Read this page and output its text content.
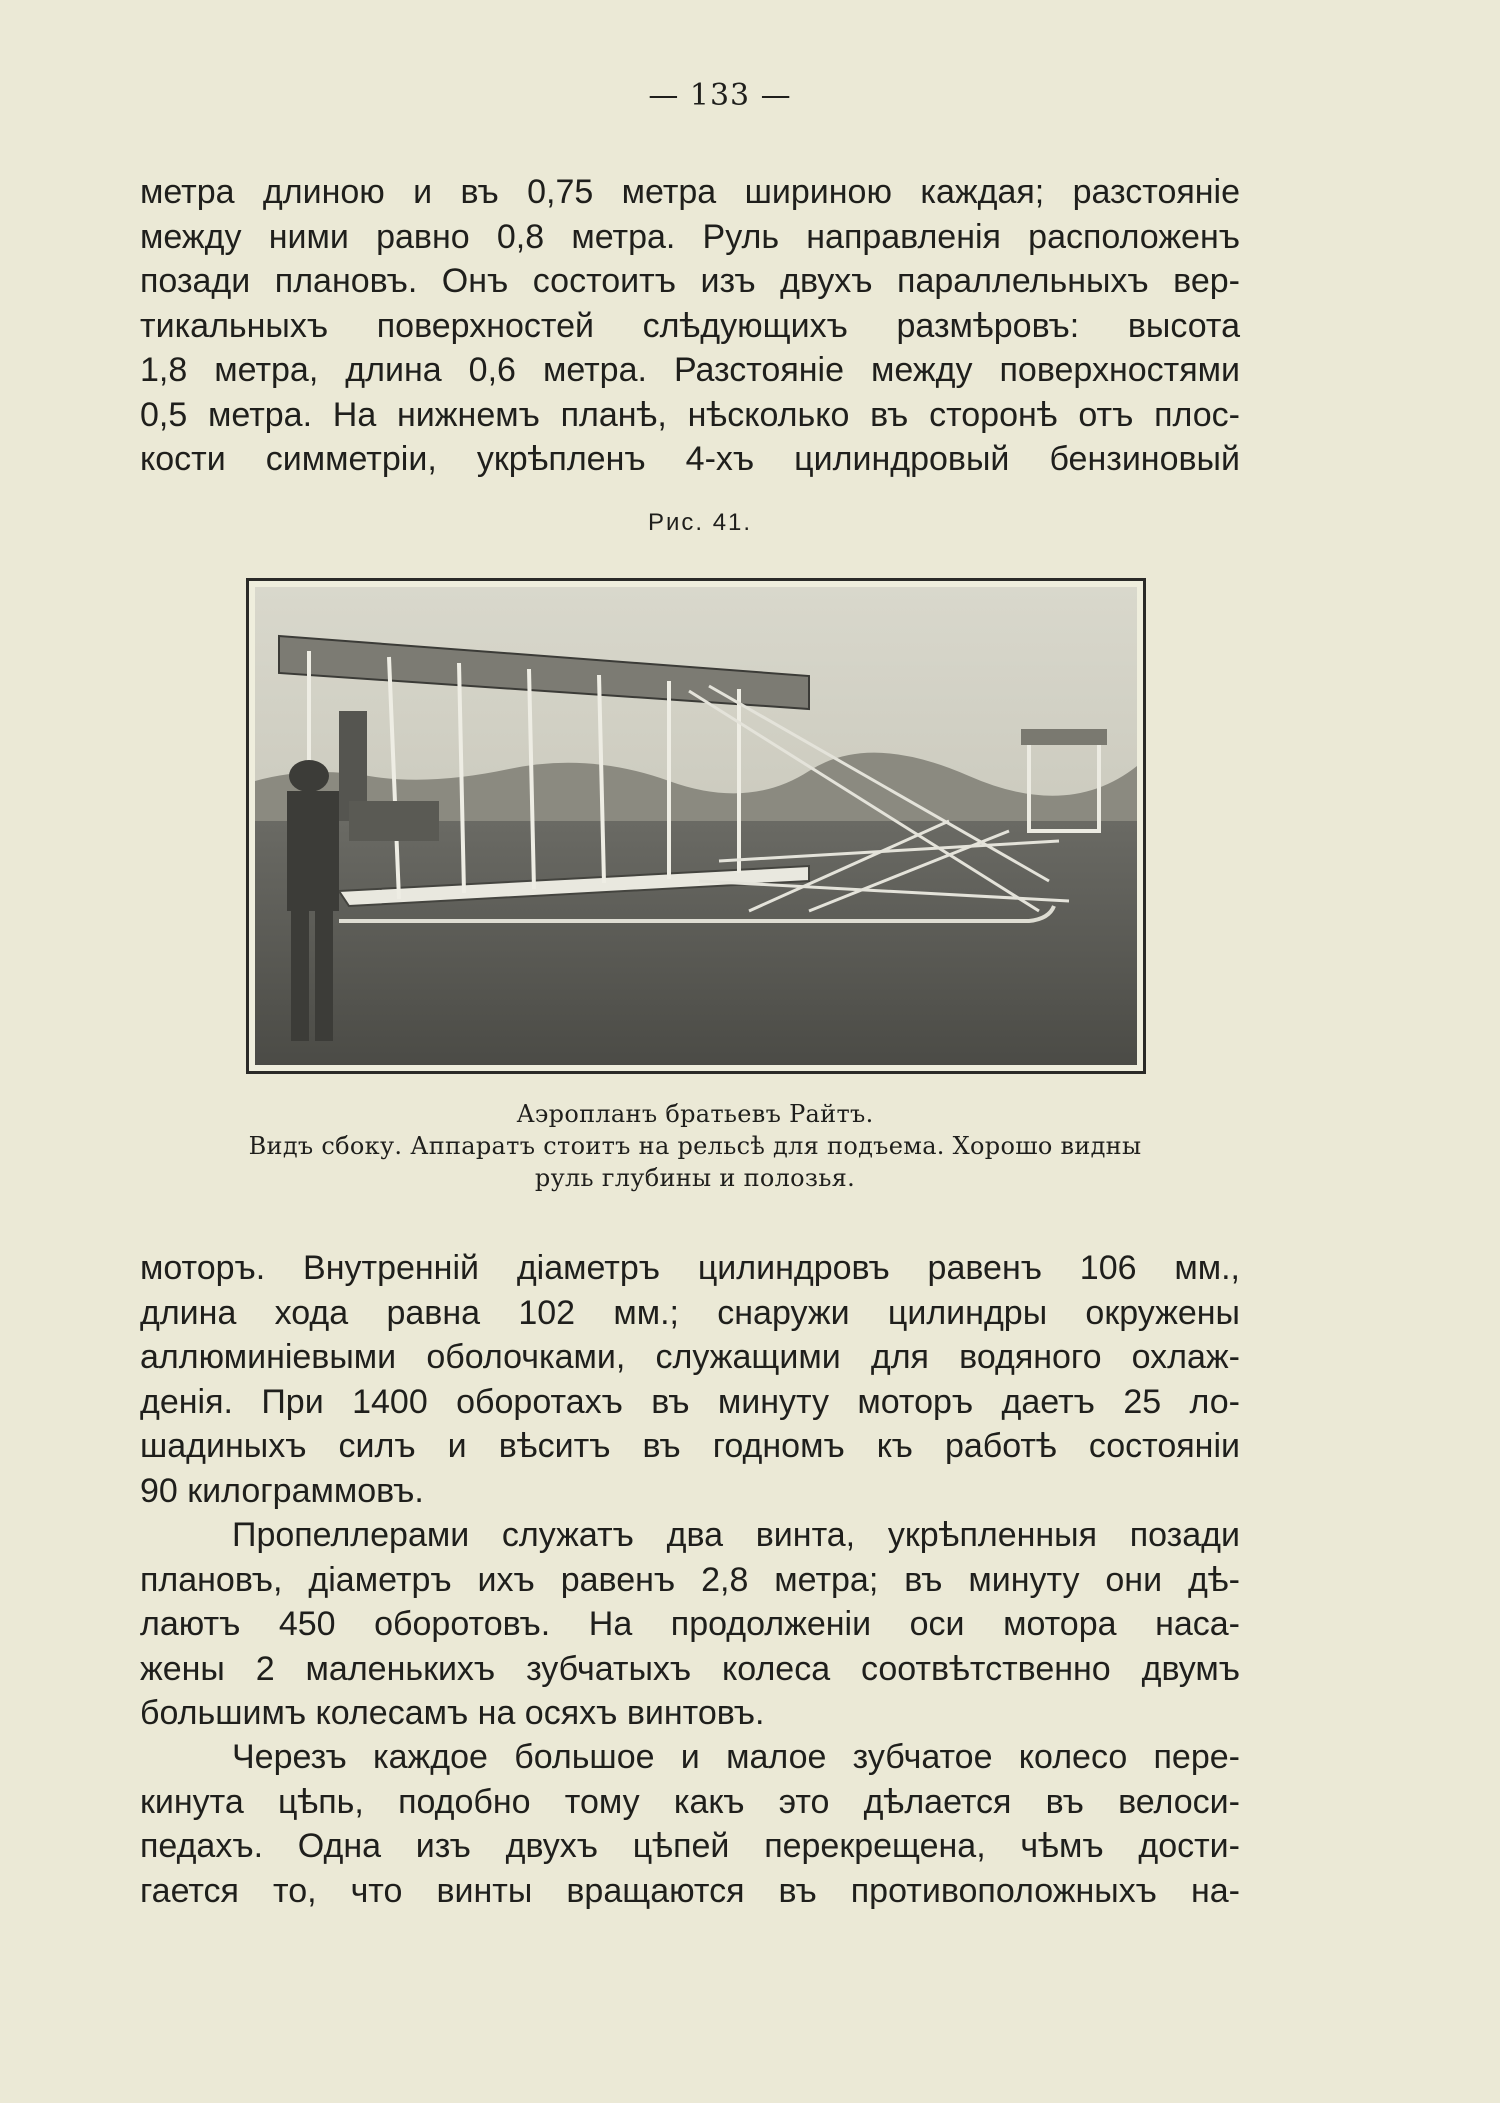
— 133 —

метра длиною и въ 0,75 метра шириною каждая; разстоянiе
между ними равно 0,8 метра. Руль направленiя расположенъ
позади плановъ. Онъ состоитъ изъ двухъ параллельныхъ вер-
тикальныхъ поверхностей слѣдующихъ размѣровъ: высота
1,8 метра, длина 0,6 метра. Разстоянiе между поверхностями
0,5 метра. На нижнемъ планѣ, нѣсколько въ сторонѣ отъ плос-
кости симметрiи, укрѣпленъ 4-хъ цилиндровый бензиновый

Рис. 41.
Аэропланъ братьевъ Райтъ.
Видъ сбоку. Аппаратъ стоитъ на рельсѣ для подъема. Хорошо видны
руль глубины и полозья.

моторъ. Внутреннiй дiаметръ цилиндровъ равенъ 106 мм.,
длина хода равна 102 мм.; снаружи цилиндры окружены
аллюминiевыми оболочками, служащими для водяного охлаж-
денiя. При 1400 оборотахъ въ минуту моторъ даетъ 25 ло-
шадиныхъ силъ и вѣситъ въ годномъ къ работѣ состоянiи
90 килограммовъ.

Пропеллерами служатъ два винта, укрѣпленныя позади
плановъ, дiаметръ ихъ равенъ 2,8 метра; въ минуту они дѣ-
лаютъ 450 оборотовъ. На продолженiи оси мотора наса-
жены 2 маленькихъ зубчатыхъ колеса соотвѣтственно двумъ
большимъ колесамъ на осяхъ винтовъ.

Черезъ каждое большое и малое зубчатое колесо пере-
кинута цѣпь, подобно тому какъ это дѣлается въ велоси-
педахъ. Одна изъ двухъ цѣпей перекрещена, чѣмъ дости-
гается то, что винты вращаются въ противоположныхъ на-
